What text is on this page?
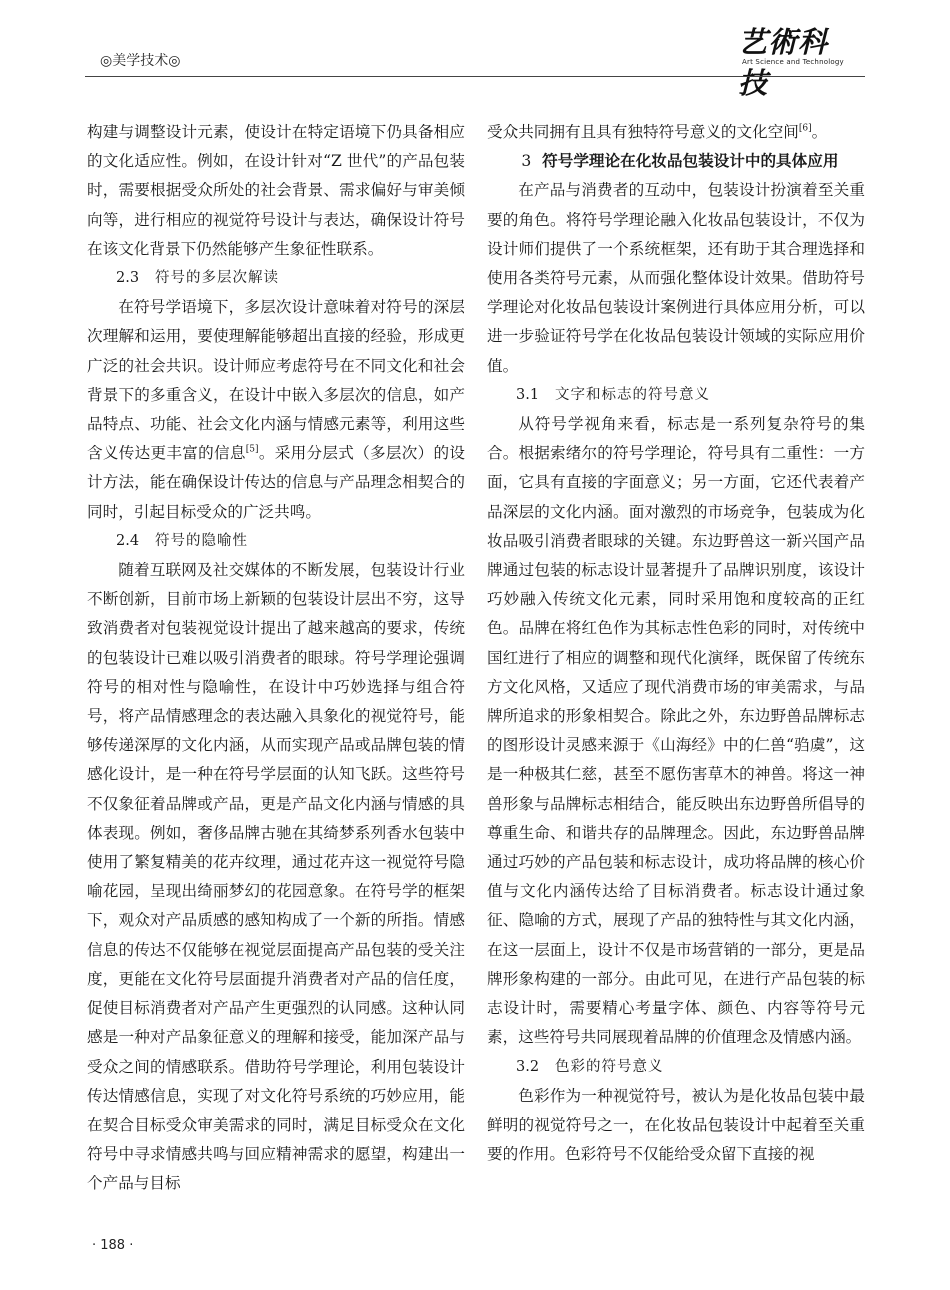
◎美学技术◎
艺術科技
Art Science and Technology

构建与调整设计元素，使设计在特定语境下仍具备相应的文化适应性。例如，在设计针对“Z 世代”的产品包装时，需要根据受众所处的社会背景、需求偏好与审美倾向等，进行相应的视觉符号设计与表达，确保设计符号在该文化背景下仍然能够产生象征性联系。

2.3 符号的多层次解读

在符号学语境下，多层次设计意味着对符号的深层次理解和运用，要使理解能够超出直接的经验，形成更广泛的社会共识。设计师应考虑符号在不同文化和社会背景下的多重含义，在设计中嵌入多层次的信息，如产品特点、功能、社会文化内涵与情感元素等，利用这些含义传达更丰富的信息[5]。采用分层式（多层次）的设计方法，能在确保设计传达的信息与产品理念相契合的同时，引起目标受众的广泛共鸣。

2.4 符号的隐喻性

随着互联网及社交媒体的不断发展，包装设计行业不断创新，目前市场上新颖的包装设计层出不穷，这导致消费者对包装视觉设计提出了越来越高的要求，传统的包装设计已难以吸引消费者的眼球。符号学理论强调符号的相对性与隐喻性，在设计中巧妙选择与组合符号，将产品情感理念的表达融入具象化的视觉符号，能够传递深厚的文化内涵，从而实现产品或品牌包装的情感化设计，是一种在符号学层面的认知飞跃。这些符号不仅象征着品牌或产品，更是产品文化内涵与情感的具体表现。例如，奢侈品牌古驰在其绮梦系列香水包装中使用了繁复精美的花卉纹理，通过花卉这一视觉符号隐喻花园，呈现出绮丽梦幻的花园意象。在符号学的框架下，观众对产品质感的感知构成了一个新的所指。情感信息的传达不仅能够在视觉层面提高产品包装的受关注度，更能在文化符号层面提升消费者对产品的信任度，促使目标消费者对产品产生更强烈的认同感。这种认同感是一种对产品象征意义的理解和接受，能加深产品与受众之间的情感联系。借助符号学理论，利用包装设计传达情感信息，实现了对文化符号系统的巧妙应用，能在契合目标受众审美需求的同时，满足目标受众在文化符号中寻求情感共鸣与回应精神需求的愿望，构建出一个产品与目标

受众共同拥有且具有独特符号意义的文化空间[6]。

3 符号学理论在化妆品包装设计中的具体应用

在产品与消费者的互动中，包装设计扮演着至关重要的角色。将符号学理论融入化妆品包装设计，不仅为设计师们提供了一个系统框架，还有助于其合理选择和使用各类符号元素，从而强化整体设计效果。借助符号学理论对化妆品包装设计案例进行具体应用分析，可以进一步验证符号学在化妆品包装设计领域的实际应用价值。

3.1 文字和标志的符号意义

从符号学视角来看，标志是一系列复杂符号的集合。根据索绪尔的符号学理论，符号具有二重性：一方面，它具有直接的字面意义；另一方面，它还代表着产品深层的文化内涵。面对激烈的市场竞争，包装成为化妆品吸引消费者眼球的关键。东边野兽这一新兴国产品牌通过包装的标志设计显著提升了品牌识别度，该设计巧妙融入传统文化元素，同时采用饱和度较高的正红色。品牌在将红色作为其标志性色彩的同时，对传统中国红进行了相应的调整和现代化演绎，既保留了传统东方文化风格，又适应了现代消费市场的审美需求，与品牌所追求的形象相契合。除此之外，东边野兽品牌标志的图形设计灵感来源于《山海经》中的仁兽“驺虞”，这是一种极其仁慈，甚至不愿伤害草木的神兽。将这一神兽形象与品牌标志相结合，能反映出东边野兽所倡导的尊重生命、和谐共存的品牌理念。因此，东边野兽品牌通过巧妙的产品包装和标志设计，成功将品牌的核心价值与文化内涵传达给了目标消费者。标志设计通过象征、隐喻的方式，展现了产品的独特性与其文化内涵，在这一层面上，设计不仅是市场营销的一部分，更是品牌形象构建的一部分。由此可见，在进行产品包装的标志设计时，需要精心考量字体、颜色、内容等符号元素，这些符号共同展现着品牌的价值理念及情感内涵。

3.2 色彩的符号意义

色彩作为一种视觉符号，被认为是化妆品包装中最鲜明的视觉符号之一，在化妆品包装设计中起着至关重要的作用。色彩符号不仅能给受众留下直接的视

· 188 ·
